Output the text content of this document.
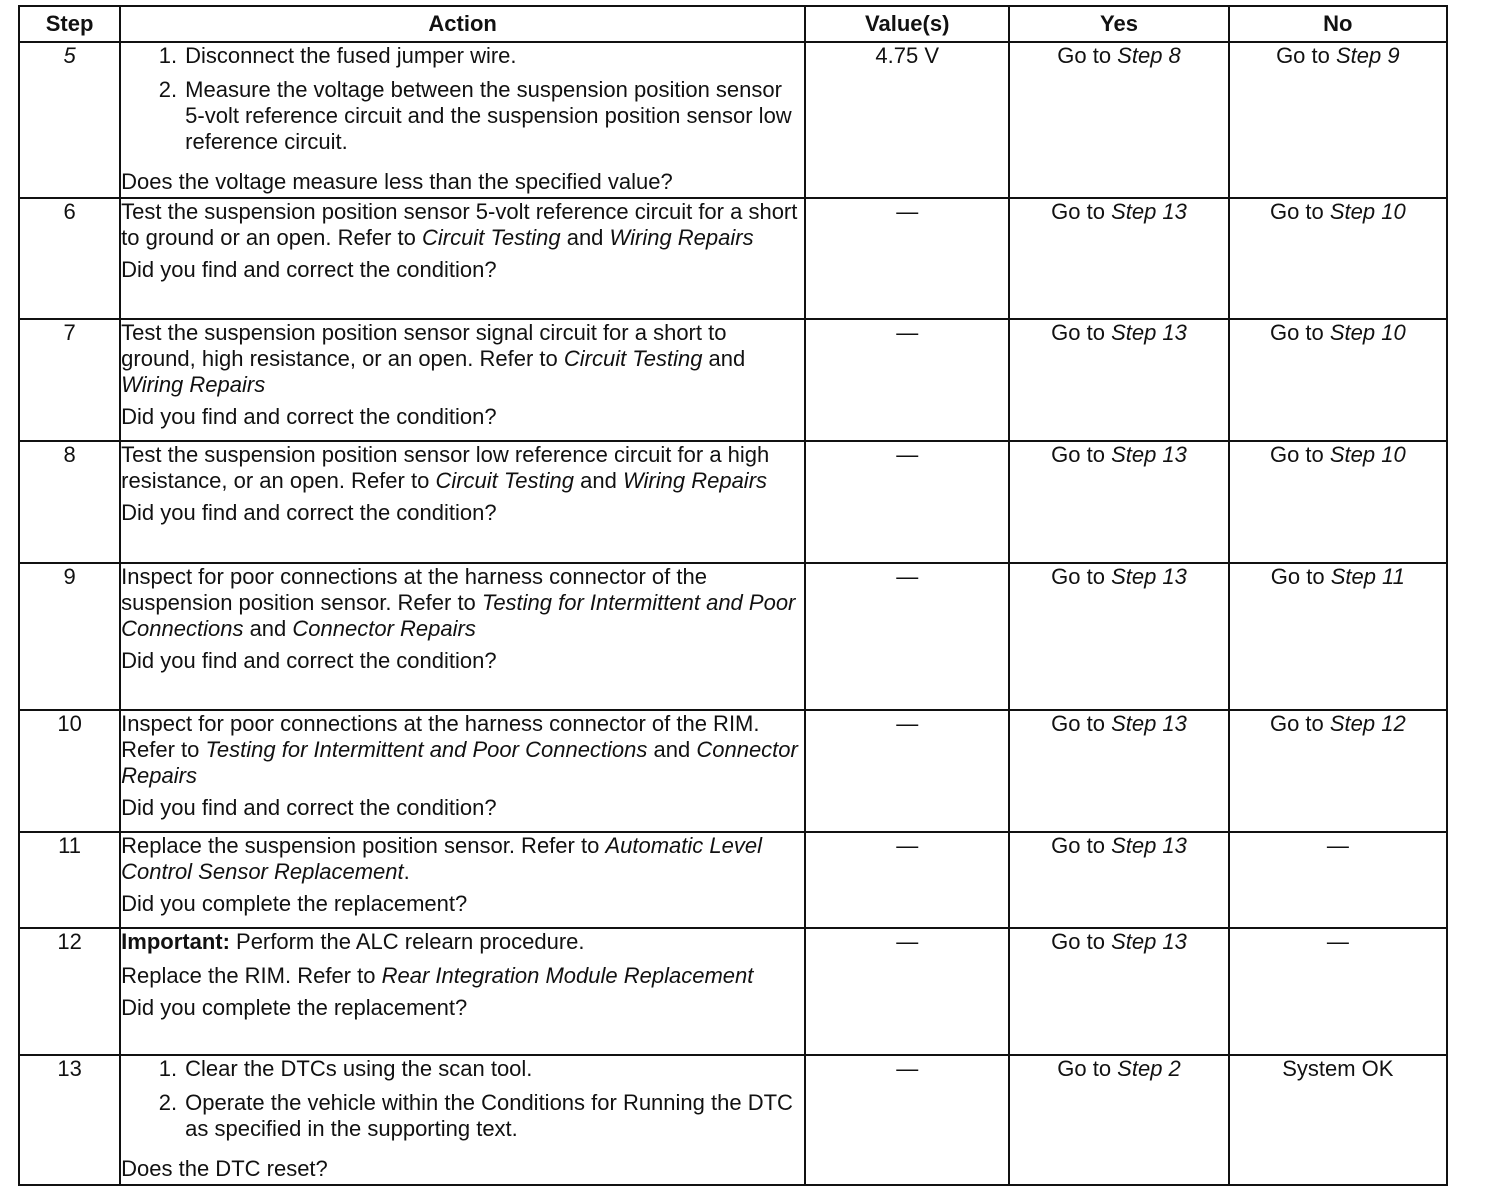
Step	Action	Value(s)	Yes	No
5	1. Disconnect the fused jumper wire.
2. Measure the voltage between the suspension position sensor 5-volt reference circuit and the suspension position sensor low reference circuit.
Does the voltage measure less than the specified value?	4.75 V	Go to Step 8	Go to Step 9
6	Test the suspension position sensor 5-volt reference circuit for a short to ground or an open. Refer to Circuit Testing and Wiring Repairs
Did you find and correct the condition?	—	Go to Step 13	Go to Step 10
7	Test the suspension position sensor signal circuit for a short to ground, high resistance, or an open. Refer to Circuit Testing and Wiring Repairs
Did you find and correct the condition?	—	Go to Step 13	Go to Step 10
8	Test the suspension position sensor low reference circuit for a high resistance, or an open. Refer to Circuit Testing and Wiring Repairs
Did you find and correct the condition?	—	Go to Step 13	Go to Step 10
9	Inspect for poor connections at the harness connector of the suspension position sensor. Refer to Testing for Intermittent and Poor Connections and Connector Repairs
Did you find and correct the condition?	—	Go to Step 13	Go to Step 11
10	Inspect for poor connections at the harness connector of the RIM. Refer to Testing for Intermittent and Poor Connections and Connector Repairs
Did you find and correct the condition?	—	Go to Step 13	Go to Step 12
11	Replace the suspension position sensor. Refer to Automatic Level Control Sensor Replacement.
Did you complete the replacement?	—	Go to Step 13	—
12	Important: Perform the ALC relearn procedure.
Replace the RIM. Refer to Rear Integration Module Replacement
Did you complete the replacement?	—	Go to Step 13	—
13	1. Clear the DTCs using the scan tool.
2. Operate the vehicle within the Conditions for Running the DTC as specified in the supporting text.
Does the DTC reset?	—	Go to Step 2	System OK
